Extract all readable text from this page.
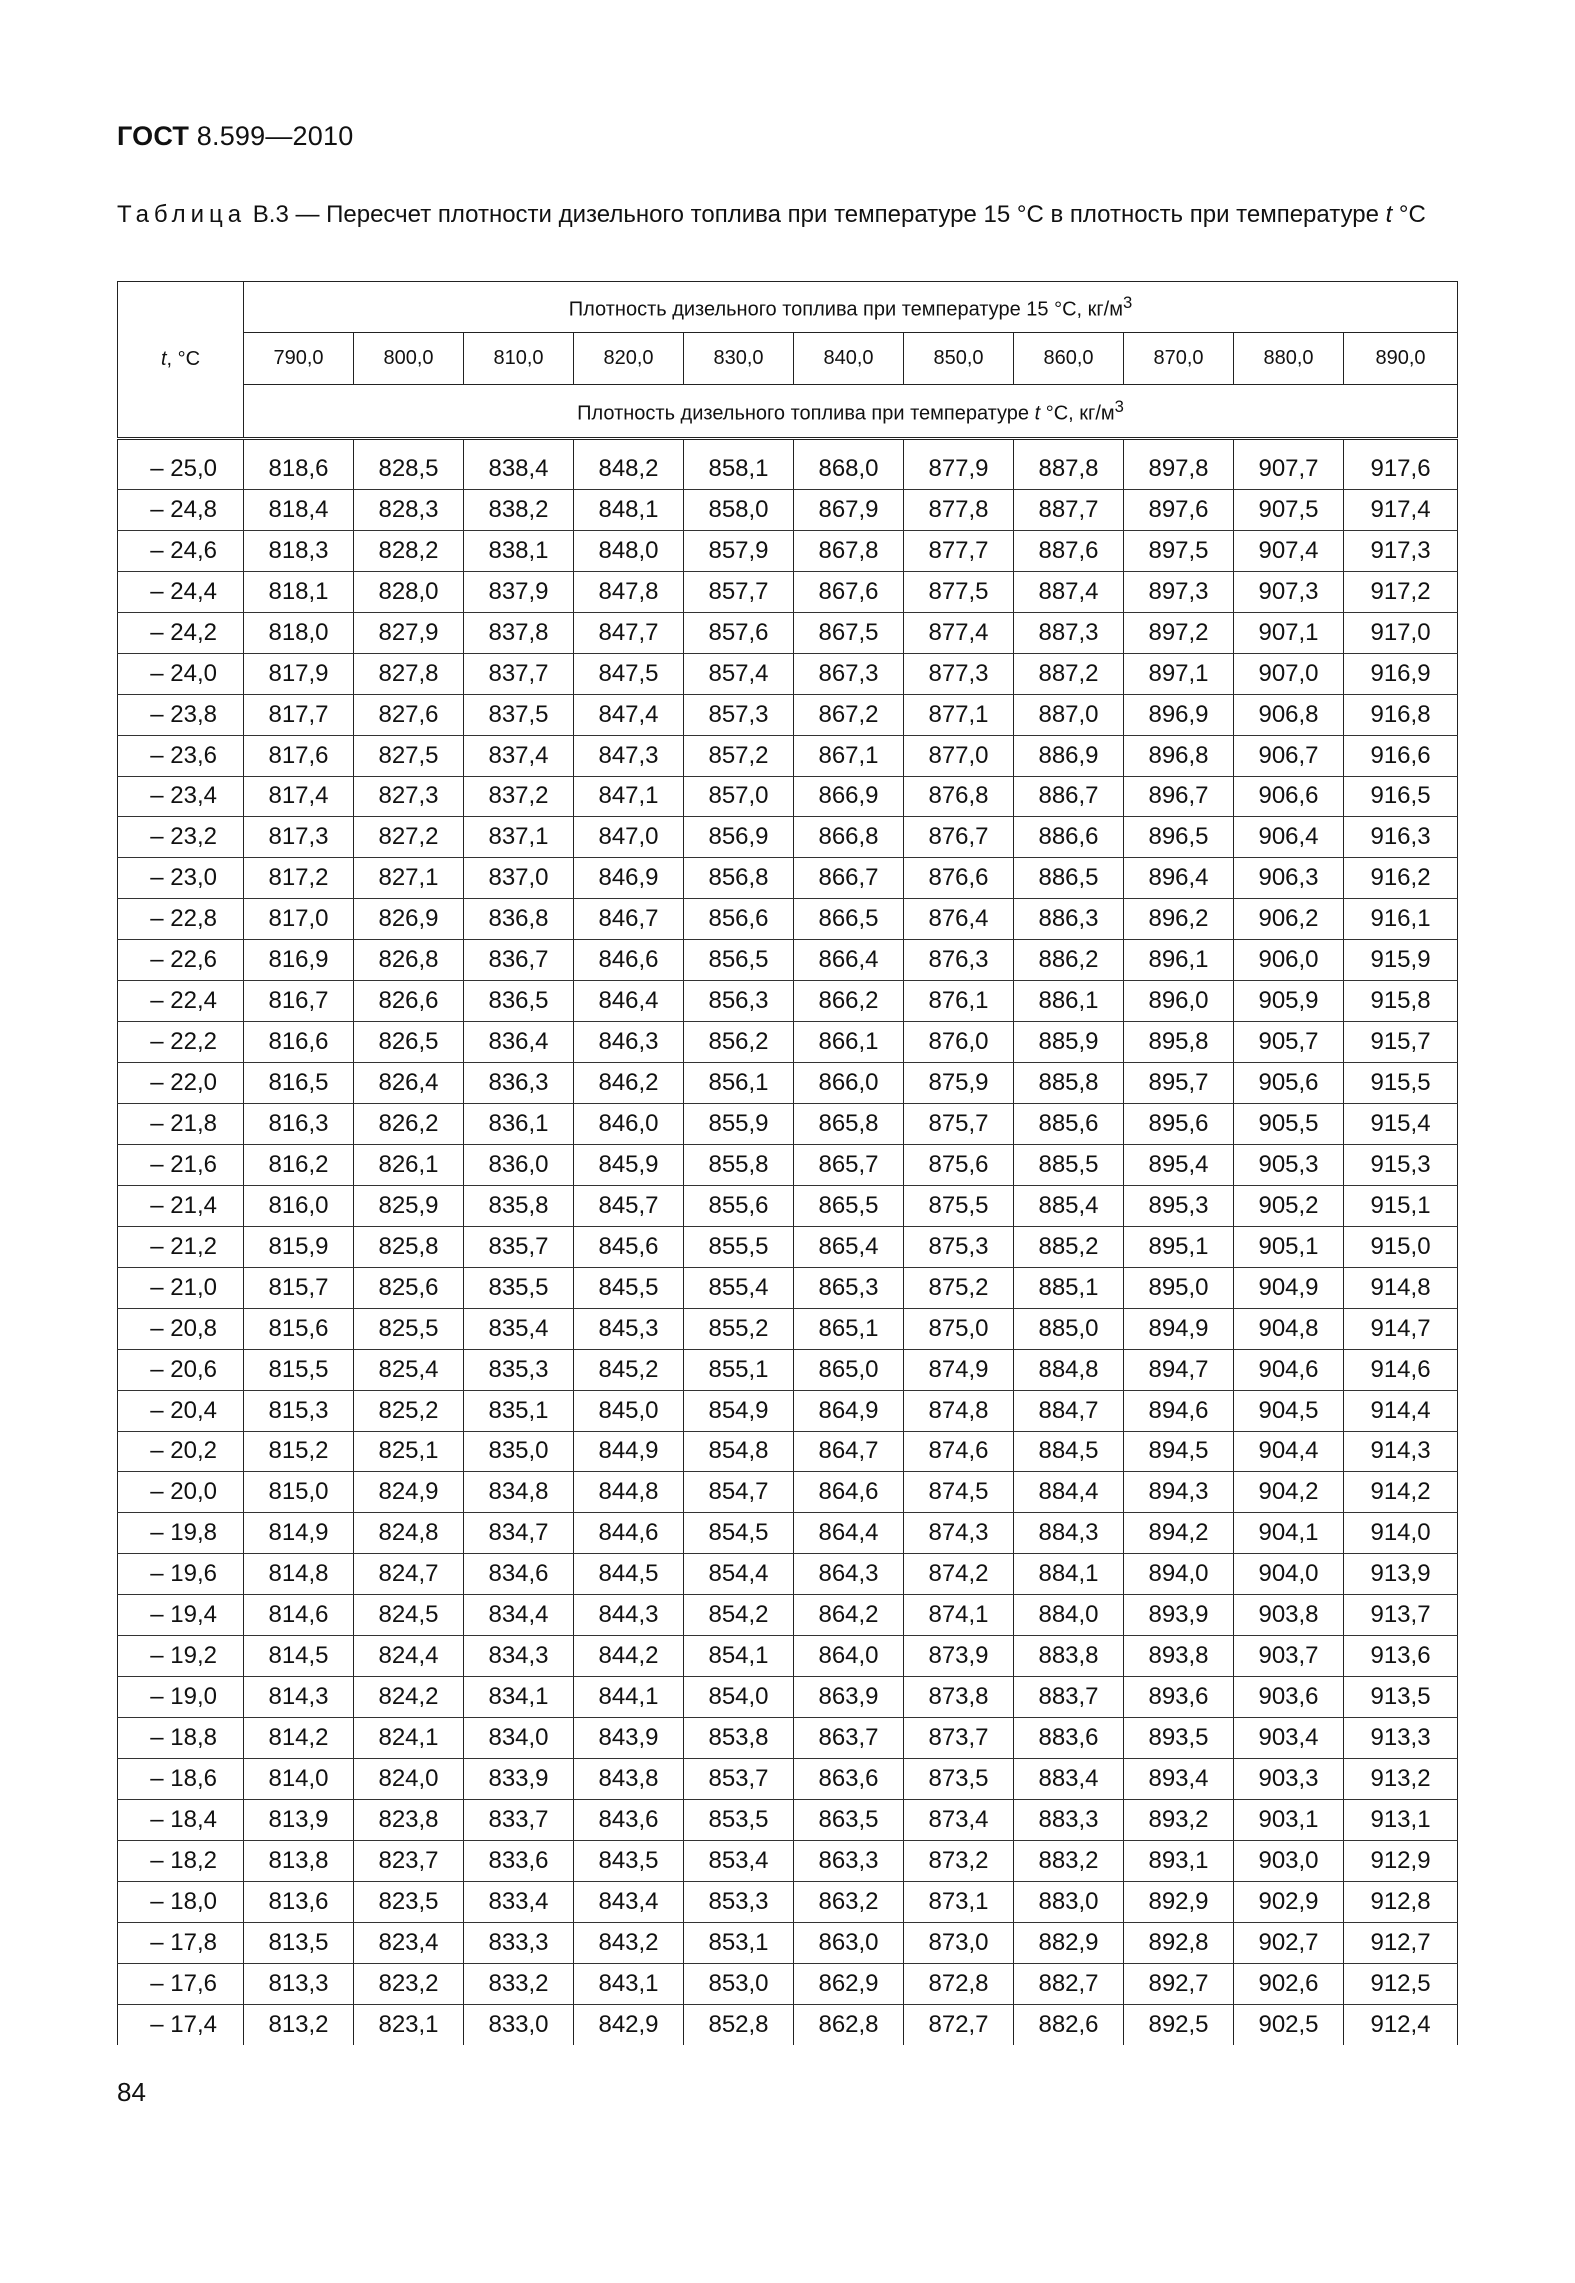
ГОСТ 8.599—2010
Таблица В.3 — Пересчет плотности дизельного топлива при температуре 15 °С в плотность при температуре t °С
t, °С	Плотность дизельного топлива при температуре 15 °С, $кг/м^3$
	790,0	800,0	810,0	820,0	830,0	840,0	850,0	860,0	870,0	880,0	890,0
	Плотность дизельного топлива при температуре t °С, $кг/м^3$

– 25,0	818,6	828,5	838,4	848,2	858,1	868,0	877,9	887,8	897,8	907,7	917,6
– 24,8	818,4	828,3	838,2	848,1	858,0	867,9	877,8	887,7	897,6	907,5	917,4
– 24,6	818,3	828,2	838,1	848,0	857,9	867,8	877,7	887,6	897,5	907,4	917,3
– 24,4	818,1	828,0	837,9	847,8	857,7	867,6	877,5	887,4	897,3	907,3	917,2
– 24,2	818,0	827,9	837,8	847,7	857,6	867,5	877,4	887,3	897,2	907,1	917,0
– 24,0	817,9	827,8	837,7	847,5	857,4	867,3	877,3	887,2	897,1	907,0	916,9
– 23,8	817,7	827,6	837,5	847,4	857,3	867,2	877,1	887,0	896,9	906,8	916,8
– 23,6	817,6	827,5	837,4	847,3	857,2	867,1	877,0	886,9	896,8	906,7	916,6
– 23,4	817,4	827,3	837,2	847,1	857,0	866,9	876,8	886,7	896,7	906,6	916,5
– 23,2	817,3	827,2	837,1	847,0	856,9	866,8	876,7	886,6	896,5	906,4	916,3
– 23,0	817,2	827,1	837,0	846,9	856,8	866,7	876,6	886,5	896,4	906,3	916,2
– 22,8	817,0	826,9	836,8	846,7	856,6	866,5	876,4	886,3	896,2	906,2	916,1
– 22,6	816,9	826,8	836,7	846,6	856,5	866,4	876,3	886,2	896,1	906,0	915,9
– 22,4	816,7	826,6	836,5	846,4	856,3	866,2	876,1	886,1	896,0	905,9	915,8
– 22,2	816,6	826,5	836,4	846,3	856,2	866,1	876,0	885,9	895,8	905,7	915,7
– 22,0	816,5	826,4	836,3	846,2	856,1	866,0	875,9	885,8	895,7	905,6	915,5
– 21,8	816,3	826,2	836,1	846,0	855,9	865,8	875,7	885,6	895,6	905,5	915,4
– 21,6	816,2	826,1	836,0	845,9	855,8	865,7	875,6	885,5	895,4	905,3	915,3
– 21,4	816,0	825,9	835,8	845,7	855,6	865,5	875,5	885,4	895,3	905,2	915,1
– 21,2	815,9	825,8	835,7	845,6	855,5	865,4	875,3	885,2	895,1	905,1	915,0
– 21,0	815,7	825,6	835,5	845,5	855,4	865,3	875,2	885,1	895,0	904,9	914,8
– 20,8	815,6	825,5	835,4	845,3	855,2	865,1	875,0	885,0	894,9	904,8	914,7
– 20,6	815,5	825,4	835,3	845,2	855,1	865,0	874,9	884,8	894,7	904,6	914,6
– 20,4	815,3	825,2	835,1	845,0	854,9	864,9	874,8	884,7	894,6	904,5	914,4
– 20,2	815,2	825,1	835,0	844,9	854,8	864,7	874,6	884,5	894,5	904,4	914,3
– 20,0	815,0	824,9	834,8	844,8	854,7	864,6	874,5	884,4	894,3	904,2	914,2
– 19,8	814,9	824,8	834,7	844,6	854,5	864,4	874,3	884,3	894,2	904,1	914,0
– 19,6	814,8	824,7	834,6	844,5	854,4	864,3	874,2	884,1	894,0	904,0	913,9
– 19,4	814,6	824,5	834,4	844,3	854,2	864,2	874,1	884,0	893,9	903,8	913,7
– 19,2	814,5	824,4	834,3	844,2	854,1	864,0	873,9	883,8	893,8	903,7	913,6
– 19,0	814,3	824,2	834,1	844,1	854,0	863,9	873,8	883,7	893,6	903,6	913,5
– 18,8	814,2	824,1	834,0	843,9	853,8	863,7	873,7	883,6	893,5	903,4	913,3
– 18,6	814,0	824,0	833,9	843,8	853,7	863,6	873,5	883,4	893,4	903,3	913,2
– 18,4	813,9	823,8	833,7	843,6	853,5	863,5	873,4	883,3	893,2	903,1	913,1
– 18,2	813,8	823,7	833,6	843,5	853,4	863,3	873,2	883,2	893,1	903,0	912,9
– 18,0	813,6	823,5	833,4	843,4	853,3	863,2	873,1	883,0	892,9	902,9	912,8
– 17,8	813,5	823,4	833,3	843,2	853,1	863,0	873,0	882,9	892,8	902,7	912,7
– 17,6	813,3	823,2	833,2	843,1	853,0	862,9	872,8	882,7	892,7	902,6	912,5
– 17,4	813,2	823,1	833,0	842,9	852,8	862,8	872,7	882,6	892,5	902,5	912,4
84
